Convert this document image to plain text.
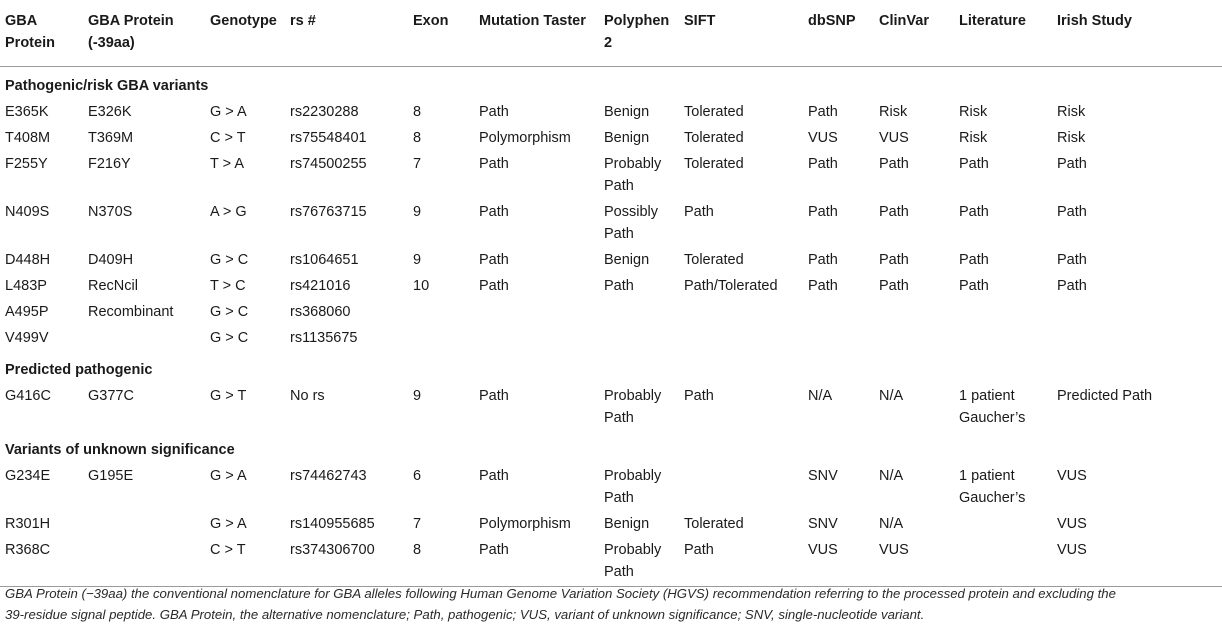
GBA Protein	GBA Protein (-39aa)	Genotype	rs #	Exon	Mutation Taster	Polyphen 2	SIFT	dbSNP	ClinVar	Literature	Irish Study
Pathogenic/risk GBA variants											
E365K	E326K	G > A	rs2230288	8	Path	Benign	Tolerated	Path	Risk	Risk	Risk
T408M	T369M	C > T	rs75548401	8	Polymorphism	Benign	Tolerated	VUS	VUS	Risk	Risk
F255Y	F216Y	T > A	rs74500255	7	Path	Probably Path	Tolerated	Path	Path	Path	Path
N409S	N370S	A > G	rs76763715	9	Path	Possibly Path	Path	Path	Path	Path	Path
D448H	D409H	G > C	rs1064651	9	Path	Benign	Tolerated	Path	Path	Path	Path
L483P	RecNcil	T > C	rs421016	10	Path	Path	Path/Tolerated	Path	Path	Path	Path
A495P	Recombinant	G > C	rs368060								
V499V		G > C	rs1135675								
Predicted pathogenic											
G416C	G377C	G > T	No rs	9	Path	Probably Path	Path	N/A	N/A	1 patient Gaucher’s	Predicted Path
Variants of unknown significance											
G234E	G195E	G > A	rs74462743	6	Path	Probably Path		SNV	N/A	1 patient Gaucher’s	VUS
R301H		G > A	rs140955685	7	Polymorphism	Benign	Tolerated	SNV	N/A		VUS
R368C		C > T	rs374306700	8	Path	Probably Path	Path	VUS	VUS		VUS
GBA Protein (−39aa) the conventional nomenclature for GBA alleles following Human Genome Variation Society (HGVS) recommendation referring to the processed protein and excluding the 39-residue signal peptide. GBA Protein, the alternative nomenclature; Path, pathogenic; VUS, variant of unknown significance; SNV, single-nucleotide variant.
